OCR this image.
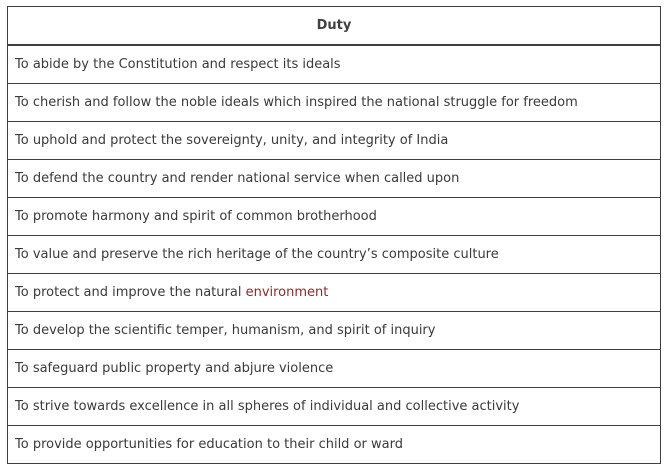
Duty
To abide by the Constitution and respect its ideals
To cherish and follow the noble ideals which inspired the national struggle for freedom
To uphold and protect the sovereignty, unity, and integrity of India
To defend the country and render national service when called upon
To promote harmony and spirit of common brotherhood
To value and preserve the rich heritage of the country’s composite culture
To protect and improve the natural environment
To develop the scientific temper, humanism, and spirit of inquiry
To safeguard public property and abjure violence
To strive towards excellence in all spheres of individual and collective activity
To provide opportunities for education to their child or ward
